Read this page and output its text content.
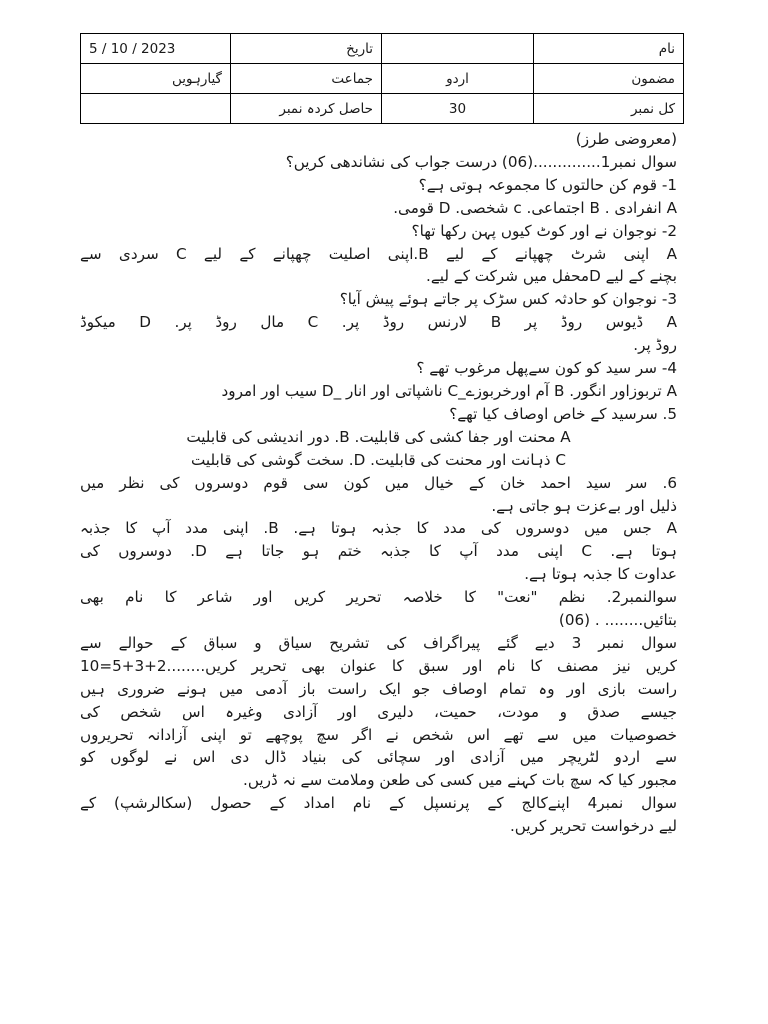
5 / 10 / 2023	تاریخ		نام
گیارہویں	جماعت	اردو	مضمون
	حاصل کردہ نمبر	30	کل نمبر
(معروضی طرز)
سوال نمبر1..............(06) درست جواب کی نشاندھی کریں؟
1- قوم کن حالتوں کا مجموعہ ہوتی ہے؟
A انفرادی . B اجتماعی. c شخصی. D قومی.
2- نوجوان نے اور کوٹ کیوں پہن رکھا تھا؟
A اپنی شرٹ چھپانے کے لیے B.اپنی اصلیت چھپانے کے لیے C سردی سے
بچنے کے لیے Dمحفل میں شرکت کے لیے.
3- نوجوان کو حادثہ کس سڑک پر جاتے ہوئے پیش آیا؟
A ڈیوس روڈ پر B لارنس روڈ پر. C مال روڈ پر. D میکوڈ
روڈ پر.
4- سر سید کو کون سےپھل مرغوب تھے ؟
A تربوزاور انگور. B آم اورخربوزے_C ناشپاتی اور انار _D سیب اور امرود
5. سرسید کے خاص اوصاف کیا تھے؟
A محنت اور جفا کشی کی قابلیت. B. دور اندیشی کی قابلیت
C ذہانت اور محنت کی قابلیت. D. سخت گوشی کی قابلیت
6. سر سید احمد خان کے خیال میں کون سی قوم دوسروں کی نظر میں
ذلیل اور بےعزت ہو جاتی ہے.
A جس میں دوسروں کی مدد کا جذبہ ہوتا ہے. B. اپنی مدد آپ کا جذبہ
ہوتا ہے. C اپنی مدد آپ کا جذبہ ختم ہو جاتا ہے D. دوسروں کی
عداوت کا جذبہ ہوتا ہے.
سوالنمبر2. نظم "نعت" کا خلاصہ تحریر کریں اور شاعر کا نام بھی
بتائیں........ . (06)
سوال نمبر 3 دیے گئے پیراگراف کی تشریح سیاق و سباق کے حوالے سے
کریں نیز مصنف کا نام اور سبق کا عنوان بھی تحریر کریں........2+3+5=10
راست بازی اور وہ تمام اوصاف جو ایک راست باز آدمی میں ہونے ضروری ہیں
جیسے صدق و مودت، حمیت، دلیری اور آزادی وغیرہ اس شخص کی
خصوصیات میں سے تھے اس شخص نے اگر سچ پوچھے تو اپنی آزادانہ تحریروں
سے اردو لٹریچر میں آزادی اور سچائی کی بنیاد ڈال دی اس نے لوگوں کو
مجبور کیا کہ سچ بات کہنے میں کسی کی طعن وملامت سے نہ ڈریں.
سوال نمبر4 اپنےکالج کے پرنسپل کے نام امداد کے حصول (سکالرشپ) کے
لیے درخواست تحریر کریں.
